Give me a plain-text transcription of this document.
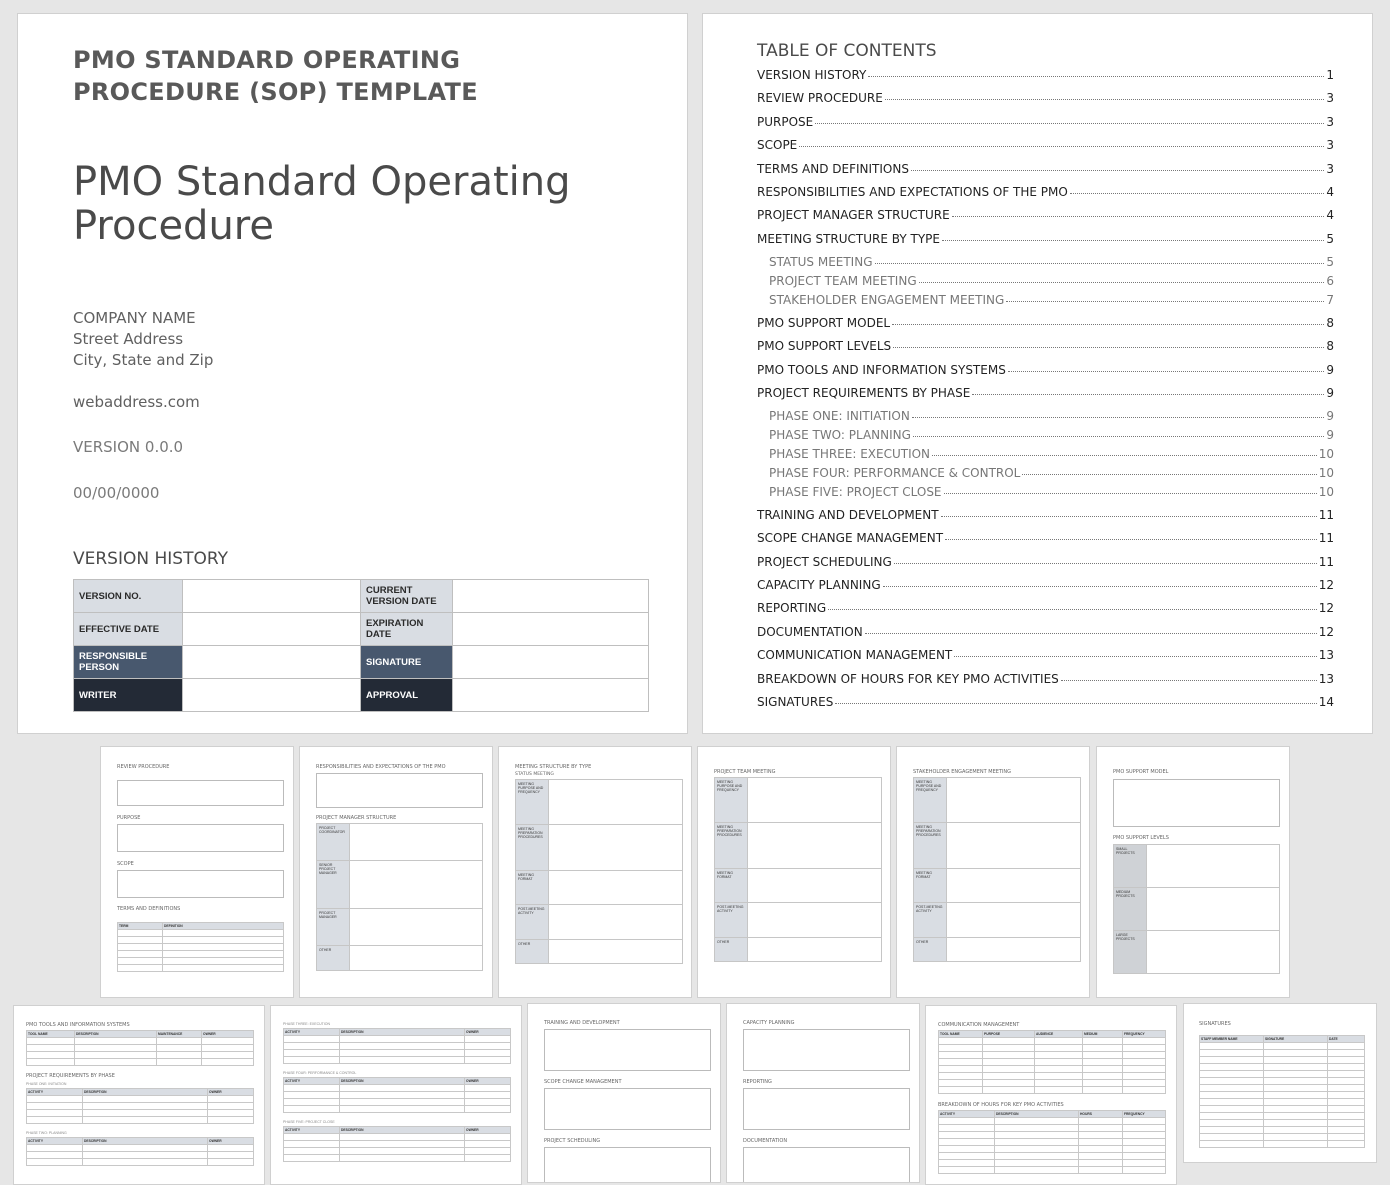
PMO STANDARD OPERATING PROCEDURE (SOP) TEMPLATE
PMO Standard Operating Procedure
COMPANY NAME
Street Address
City, State and Zip
webaddress.com
VERSION 0.0.0
00/00/0000
VERSION HISTORY
VERSION NO.		CURRENT VERSION DATE	
EFFECTIVE DATE		EXPIRATION DATE	
RESPONSIBLE PERSON		SIGNATURE	
WRITER		APPROVAL	
TABLE OF CONTENTS
VERSION HISTORY	1
REVIEW PROCEDURE	3
PURPOSE	3
SCOPE	3
TERMS AND DEFINITIONS	3
RESPONSIBILITIES AND EXPECTATIONS OF THE PMO	4
PROJECT MANAGER STRUCTURE	4
MEETING STRUCTURE BY TYPE	5
STATUS MEETING	5
PROJECT TEAM MEETING	6
STAKEHOLDER ENGAGEMENT MEETING	7
PMO SUPPORT MODEL	8
PMO SUPPORT LEVELS	8
PMO TOOLS AND INFORMATION SYSTEMS	9
PROJECT REQUIREMENTS BY PHASE	9
PHASE ONE: INITIATION	9
PHASE TWO: PLANNING	9
PHASE THREE: EXECUTION	10
PHASE FOUR: PERFORMANCE & CONTROL	10
PHASE FIVE: PROJECT CLOSE	10
TRAINING AND DEVELOPMENT	11
SCOPE CHANGE MANAGEMENT	11
PROJECT SCHEDULING	11
CAPACITY PLANNING	12
REPORTING	12
DOCUMENTATION	12
COMMUNICATION MANAGEMENT	13
BREAKDOWN OF HOURS FOR KEY PMO ACTIVITIES	13
SIGNATURES	14
REVIEW PROCEDURE
PURPOSE
SCOPE
TERMS AND DEFINITIONS
TERM	DEFINITION

RESPONSIBILITIES AND EXPECTATIONS OF THE PMO
PROJECT MANAGER STRUCTURE
PROJECT COORDINATOR	
SENIOR PROJECT MANAGER	
PROJECT MANAGER	
OTHER	
MEETING STRUCTURE BY TYPE
STATUS MEETING
MEETING PURPOSE AND FREQUENCY	
MEETING PREPARATION PROCEDURES	
MEETING FORMAT	
POST-MEETING ACTIVITY	
OTHER	
PROJECT TEAM MEETING
MEETING PURPOSE AND FREQUENCY	
MEETING PREPARATION PROCEDURES	
MEETING FORMAT	
POST-MEETING ACTIVITY	
OTHER	
STAKEHOLDER ENGAGEMENT MEETING
MEETING PURPOSE AND FREQUENCY	
MEETING PREPARATION PROCEDURES	
MEETING FORMAT	
POST-MEETING ACTIVITY	
OTHER	
PMO SUPPORT MODEL
PMO SUPPORT LEVELS
SMALL PROJECTS	
MEDIUM PROJECTS	
LARGE PROJECTS	
PMO TOOLS AND INFORMATION SYSTEMS
TOOL NAME	DESCRIPTION	MAINTENANCE	OWNER

PROJECT REQUIREMENTS BY PHASE
PHASE ONE: INITIATION
ACTIVITY	DESCRIPTION	OWNER

PHASE TWO: PLANNING
ACTIVITY	DESCRIPTION	OWNER

PHASE THREE: EXECUTION
ACTIVITY	DESCRIPTION	OWNER

PHASE FOUR: PERFORMANCE & CONTROL
ACTIVITY	DESCRIPTION	OWNER

PHASE FIVE: PROJECT CLOSE
ACTIVITY	DESCRIPTION	OWNER

TRAINING AND DEVELOPMENT
SCOPE CHANGE MANAGEMENT
PROJECT SCHEDULING
CAPACITY PLANNING
REPORTING
DOCUMENTATION
COMMUNICATION MANAGEMENT
TOOL NAME	PURPOSE	AUDIENCE	MEDIUM	FREQUENCY

BREAKDOWN OF HOURS FOR KEY PMO ACTIVITIES
ACTIVITY	DESCRIPTION	HOURS	FREQUENCY

SIGNATURES
STAFF MEMBER NAME	SIGNATURE	DATE
